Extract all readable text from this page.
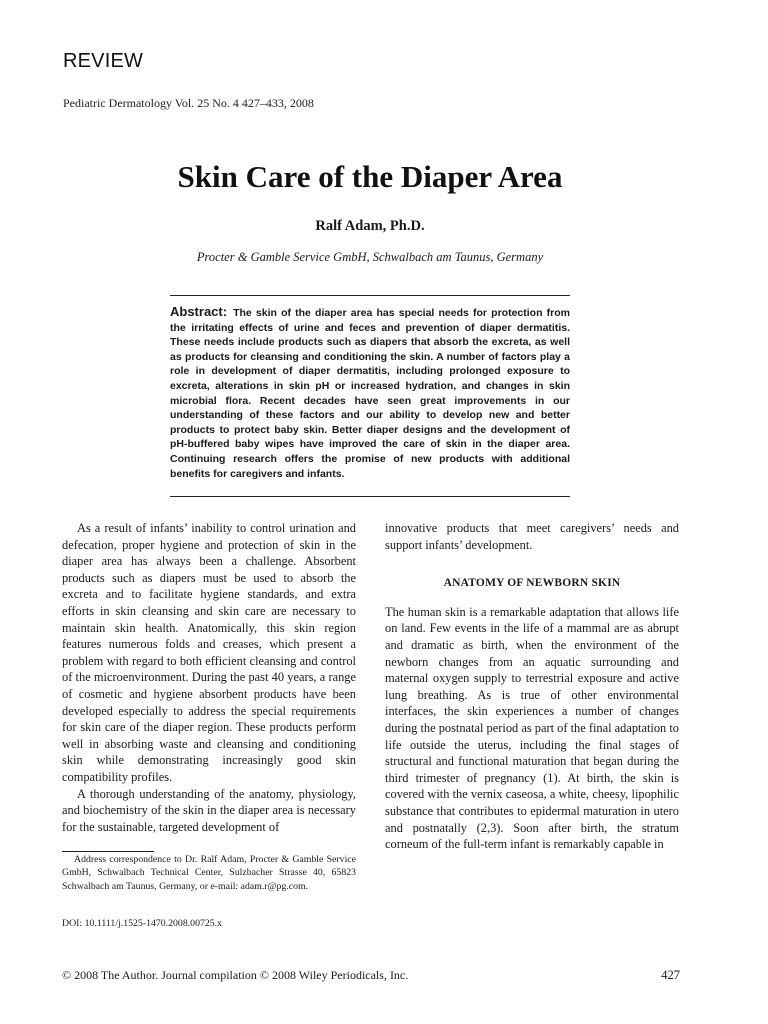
REVIEW
Pediatric Dermatology Vol. 25 No. 4 427–433, 2008
Skin Care of the Diaper Area
Ralf Adam, Ph.D.
Procter & Gamble Service GmbH, Schwalbach am Taunus, Germany
Abstract: The skin of the diaper area has special needs for protection from the irritating effects of urine and feces and prevention of diaper dermatitis. These needs include products such as diapers that absorb the excreta, as well as products for cleansing and conditioning the skin. A number of factors play a role in development of diaper dermatitis, including prolonged exposure to excreta, alterations in skin pH or increased hydration, and changes in skin microbial flora. Recent decades have seen great improvements in our understanding of these factors and our ability to develop new and better products to protect baby skin. Better diaper designs and the development of pH-buffered baby wipes have improved the care of skin in the diaper area. Continuing research offers the promise of new products with additional benefits for caregivers and infants.

As a result of infants’ inability to control urination and defecation, proper hygiene and protection of skin in the diaper area has always been a challenge. Absorbent products such as diapers must be used to absorb the excreta and to facilitate hygiene standards, and extra efforts in skin cleansing and skin care are necessary to maintain skin health. Anatomically, this skin region features numerous folds and creases, which present a problem with regard to both efficient cleansing and control of the microenvironment. During the past 40 years, a range of cosmetic and hygiene absorbent products have been developed especially to address the special requirements for skin care of the diaper region. These products perform well in absorbing waste and cleansing and conditioning skin while demonstrating increasingly good skin compatibility profiles.

A thorough understanding of the anatomy, physiology, and biochemistry of the skin in the diaper area is necessary for the sustainable, targeted development of

innovative products that meet caregivers’ needs and support infants’ development.

ANATOMY OF NEWBORN SKIN

The human skin is a remarkable adaptation that allows life on land. Few events in the life of a mammal are as abrupt and dramatic as birth, when the environment of the newborn changes from an aquatic surrounding and maternal oxygen supply to terrestrial exposure and active lung breathing. As is true of other environmental interfaces, the skin experiences a number of changes during the postnatal period as part of the final adaptation to life outside the uterus, including the final stages of structural and functional maturation that began during the third trimester of pregnancy (1). At birth, the skin is covered with the vernix caseosa, a white, cheesy, lipophilic substance that contributes to epidermal maturation in utero and postnatally (2,3). Soon after birth, the stratum corneum of the full-term infant is remarkably capable in

Address correspondence to Dr. Ralf Adam, Procter & Gamble Service GmbH, Schwalbach Technical Center, Sulzbacher Strasse 40, 65823 Schwalbach am Taunus, Germany, or e-mail: adam.r@pg.com.

DOI: 10.1111/j.1525-1470.2008.00725.x
© 2008 The Author. Journal compilation © 2008 Wiley Periodicals, Inc.	427
